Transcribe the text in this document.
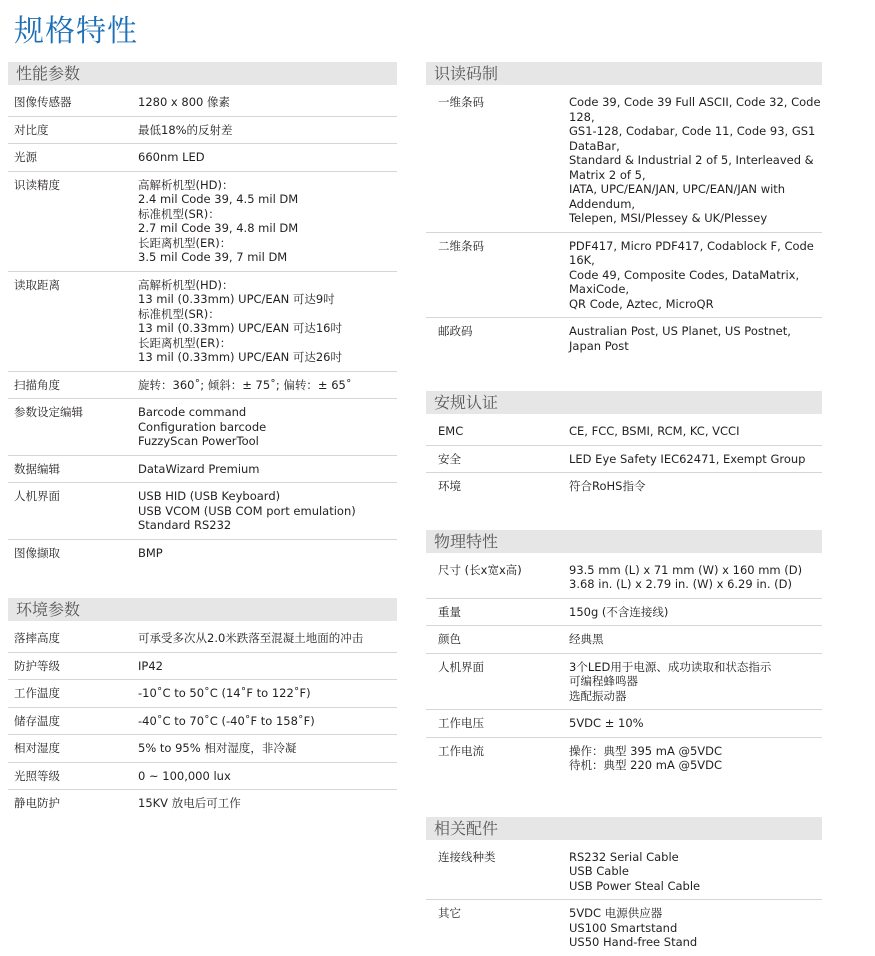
规格特性
性能参数
图像传感器	1280 x 800 像素
对比度	最低18%的反射差
光源	660nm LED
识读精度	高解析机型(HD)：
2.4 mil Code 39, 4.5 mil DM
标准机型(SR)：
2.7 mil Code 39, 4.8 mil DM
长距离机型(ER)：
3.5 mil Code 39, 7 mil DM
读取距离	高解析机型(HD)：
13 mil (0.33mm) UPC/EAN 可达9吋
标准机型(SR)：
13 mil (0.33mm) UPC/EAN 可达16吋
长距离机型(ER)：
13 mil (0.33mm) UPC/EAN 可达26吋
扫描角度	旋转：360˚; 倾斜：± 75˚; 偏转：± 65˚
参数设定编辑	Barcode command
Configuration barcode
FuzzyScan PowerTool
数据编辑	DataWizard Premium
人机界面	USB HID (USB Keyboard)
USB VCOM (USB COM port emulation)
Standard RS232
图像撷取	BMP
环境参数
落摔高度	可承受多次从2.0米跌落至混凝土地面的冲击
防护等级	IP42
工作温度	-10˚C to 50˚C (14˚F to 122˚F)
储存温度	-40˚C to 70˚C (-40˚F to 158˚F)
相对湿度	5% to 95% 相对湿度，非冷凝
光照等级	0 ~ 100,000 lux
静电防护	15KV 放电后可工作
识读码制
一维条码	Code 39, Code 39 Full ASCII, Code 32, Code 128,
GS1-128, Codabar, Code 11, Code 93, GS1 DataBar,
Standard & Industrial 2 of 5, Interleaved & Matrix 2 of 5,
IATA, UPC/EAN/JAN, UPC/EAN/JAN with Addendum,
Telepen, MSI/Plessey & UK/Plessey
二维条码	PDF417, Micro PDF417, Codablock F, Code 16K,
Code 49, Composite Codes, DataMatrix, MaxiCode,
QR Code, Aztec, MicroQR
邮政码	Australian Post, US Planet, US Postnet, Japan Post
安规认证
EMC	CE, FCC, BSMI, RCM, KC, VCCI
安全	LED Eye Safety IEC62471, Exempt Group
环境	符合RoHS指令
物理特性
尺寸 (长x宽x高)	93.5 mm (L) x 71 mm (W) x 160 mm (D)
3.68 in. (L) x 2.79 in. (W) x 6.29 in. (D)
重量	150g (不含连接线)
颜色	经典黑
人机界面	3个LED用于电源、成功读取和状态指示
可编程蜂鸣器
选配振动器
工作电压	5VDC ± 10%
工作电流	操作：典型 395 mA @5VDC
待机：典型 220 mA @5VDC
相关配件
连接线种类	RS232 Serial Cable
USB Cable
USB Power Steal Cable
其它	5VDC 电源供应器
US100 Smartstand
US50 Hand-free Stand
